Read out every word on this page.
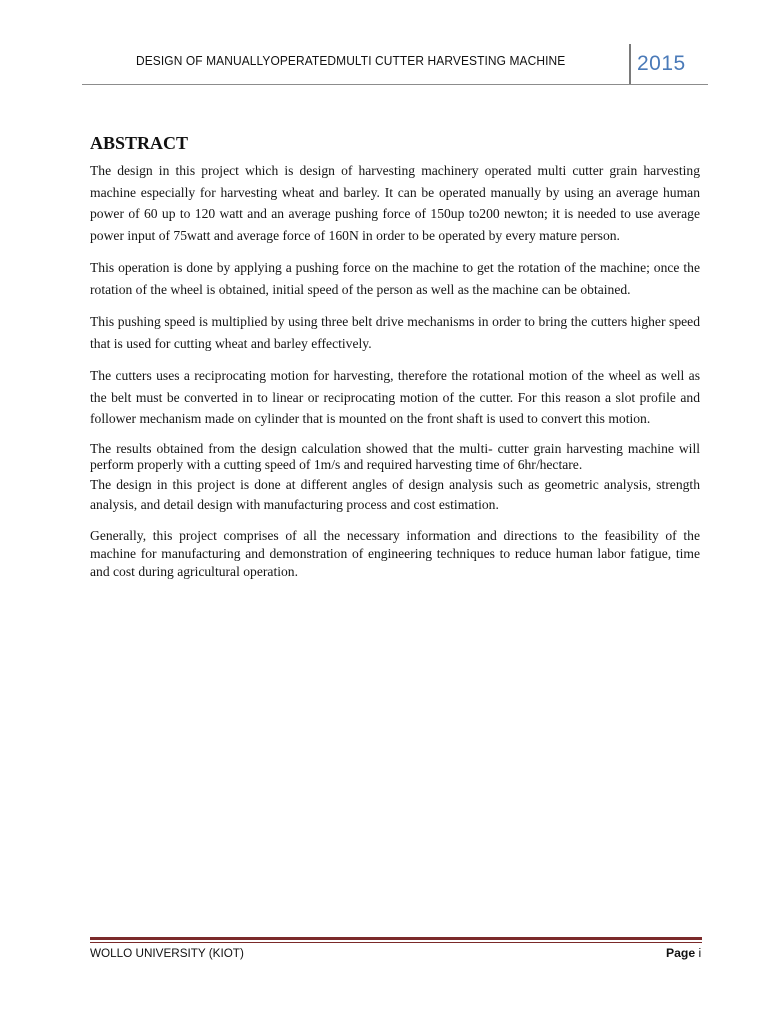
DESIGN OF MANUALLYOPERATEDMULTI CUTTER HARVESTING MACHINE	2015
ABSTRACT

The design in this project which is design of harvesting machinery operated multi cutter grain harvesting machine especially for harvesting wheat and barley. It can be operated manually by using an average human power of 60 up to 120 watt and an average pushing force of 150up to200 newton; it is needed to use average power input of 75watt and average force of 160N in order to be operated by every mature person.

This operation is done by applying a pushing force on the machine to get the rotation of the machine; once the rotation of the wheel is obtained, initial speed of the person as well as the machine can be obtained.

This pushing speed is multiplied by using three belt drive mechanisms in order to bring the cutters higher speed that is used for cutting wheat and barley effectively.

The cutters uses a reciprocating motion for harvesting, therefore the rotational motion of the wheel as well as the belt must be converted in to linear or reciprocating motion of the cutter. For this reason a slot profile and follower mechanism made on cylinder that is mounted on the front shaft is used to convert this motion.

The results obtained from the design calculation showed that the multi- cutter grain harvesting machine will perform properly with a cutting speed of 1m/s and required harvesting time of 6hr/hectare.

The design in this project is done at different angles of design analysis such as geometric analysis, strength analysis, and detail design with manufacturing process and cost estimation.

Generally, this project comprises of all the necessary information and directions to the feasibility of the machine for manufacturing and demonstration of engineering techniques to reduce human labor fatigue, time and cost during agricultural operation.

WOLLO UNIVERSITY (KIOT)	Page i
